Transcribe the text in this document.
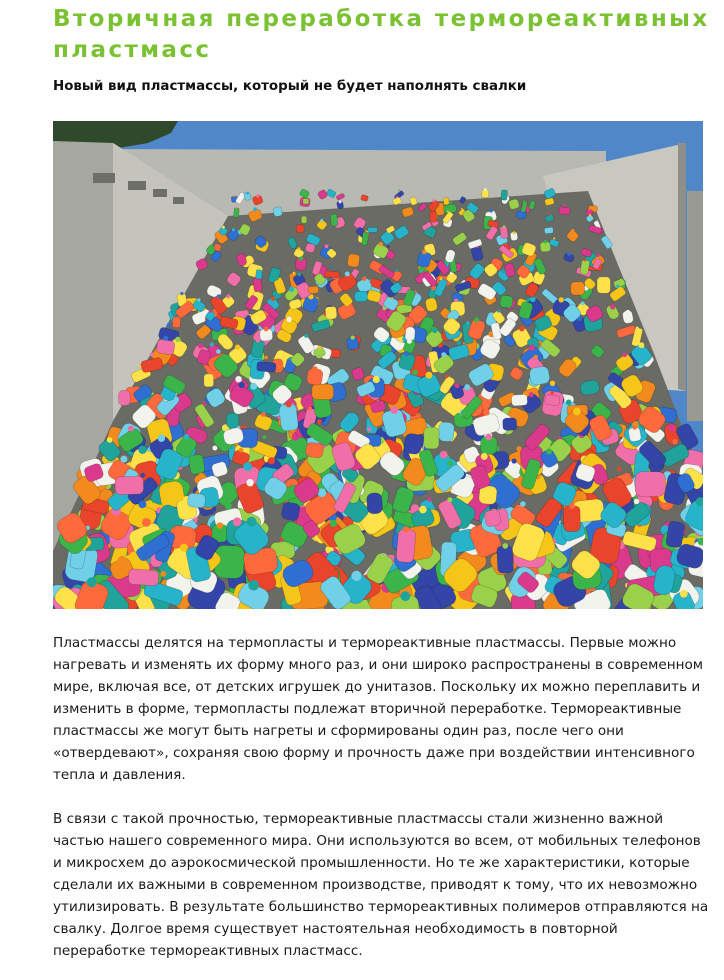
Вторичная переработка термореактивных пластмасс
Новый вид пластмассы, который не будет наполнять свалки

Пластмассы делятся на термопласты и термореактивные пластмассы. Первые можно нагревать и изменять их форму много раз, и они широко распространены в современном мире, включая все, от детских игрушек до унитазов. Поскольку их можно переплавить и изменить в форме, термопласты подлежат вторичной переработке. Термореактивные пластмассы же могут быть нагреты и сформированы один раз, после чего они «отвердевают», сохраняя свою форму и прочность даже при воздействии интенсивного тепла и давления.

В связи с такой прочностью, термореактивные пластмассы стали жизненно важной частью нашего современного мира. Они используются во всем, от мобильных телефонов и микросхем до аэрокосмической промышленности. Но те же характеристики, которые сделали их важными в современном производстве, приводят к тому, что их невозможно утилизировать. В результате большинство термореактивных полимеров отправляются на свалку. Долгое время существует настоятельная необходимость в повторной переработке термореактивных пластмасс.
